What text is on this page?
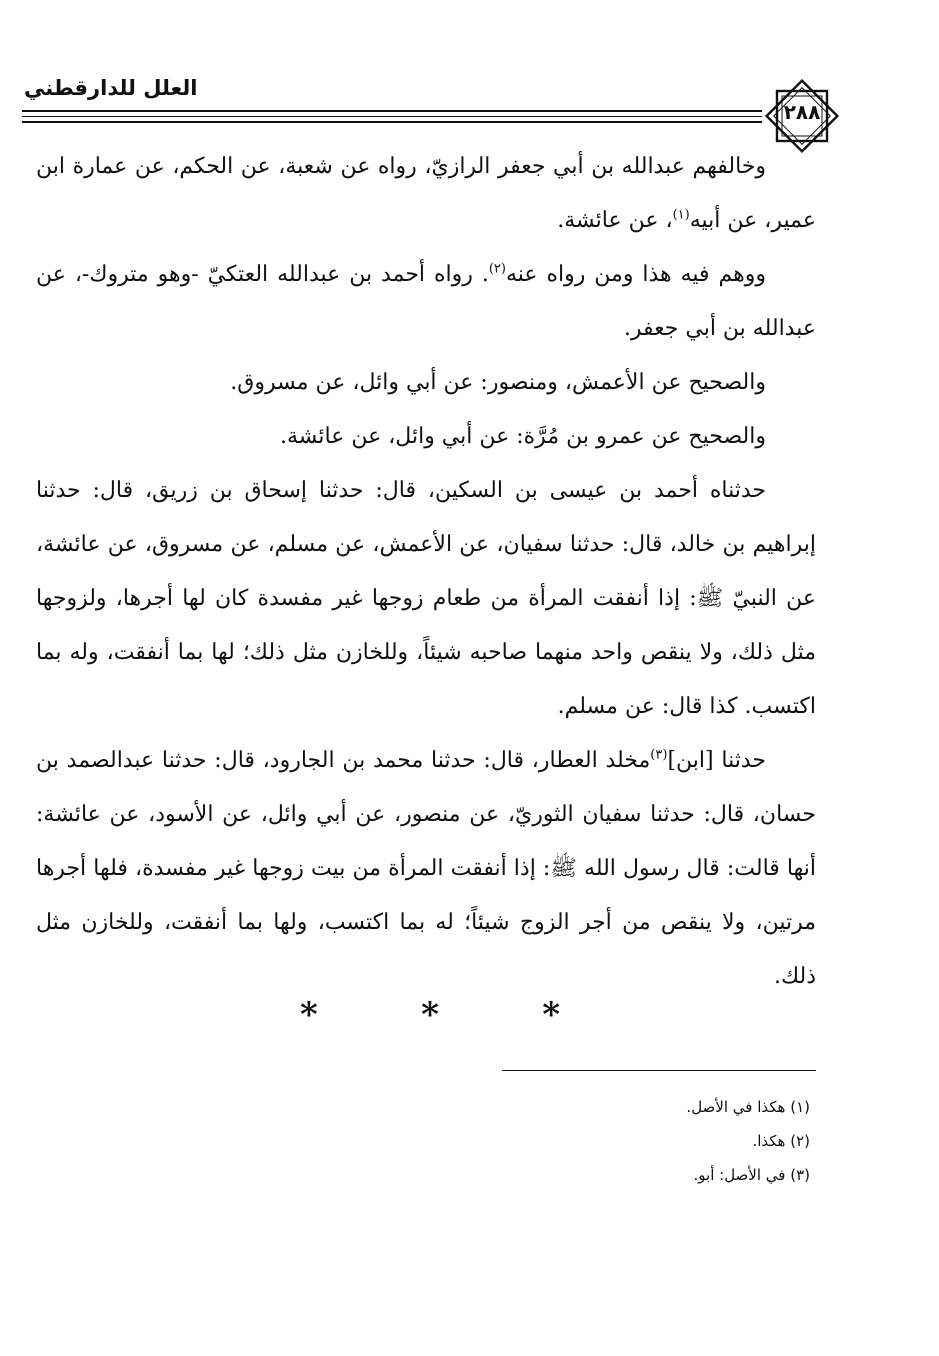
العلل للدارقطني
٢٨٨

وخالفهم عبدالله بن أبي جعفر الرازيّ، رواه عن شعبة، عن الحكم، عن عمارة ابن عمير، عن أبيه$^{(١)}$، عن عائشة.

ووهم فيه هذا ومن رواه عنه$^{(٢)}$. رواه أحمد بن عبدالله العتكيّ -وهو متروك-، عن عبدالله بن أبي جعفر.

والصحيح عن الأعمش، ومنصور: عن أبي وائل، عن مسروق.

والصحيح عن عمرو بن مُرَّة: عن أبي وائل، عن عائشة.

حدثناه أحمد بن عيسى بن السكين، قال: حدثنا إسحاق بن زريق، قال: حدثنا إبراهيم بن خالد، قال: حدثنا سفيان، عن الأعمش، عن مسلم، عن مسروق، عن عائشة، عن النبيّ ﷺ: إذا أنفقت المرأة من طعام زوجها غير مفسدة كان لها أجرها، ولزوجها مثل ذلك، ولا ينقص واحد منهما صاحبه شيئاً، وللخازن مثل ذلك؛ لها بما أنفقت، وله بما اكتسب. كذا قال: عن مسلم.

حدثنا [ابن]$^{(٣)}$مخلد العطار، قال: حدثنا محمد بن الجارود، قال: حدثنا عبدالصمد بن حسان، قال: حدثنا سفيان الثوريّ، عن منصور، عن أبي وائل، عن الأسود، عن عائشة: أنها قالت: قال رسول الله ﷺ: إذا أنفقت المرأة من بيت زوجها غير مفسدة، فلها أجرها مرتين، ولا ينقص من أجر الزوج شيئاً؛ له بما اكتسب، ولها بما أنفقت، وللخازن مثل ذلك.

*	*	*
(١) هكذا في الأصل.
(٢) هكذا.
(٣) في الأصل: أبو.
